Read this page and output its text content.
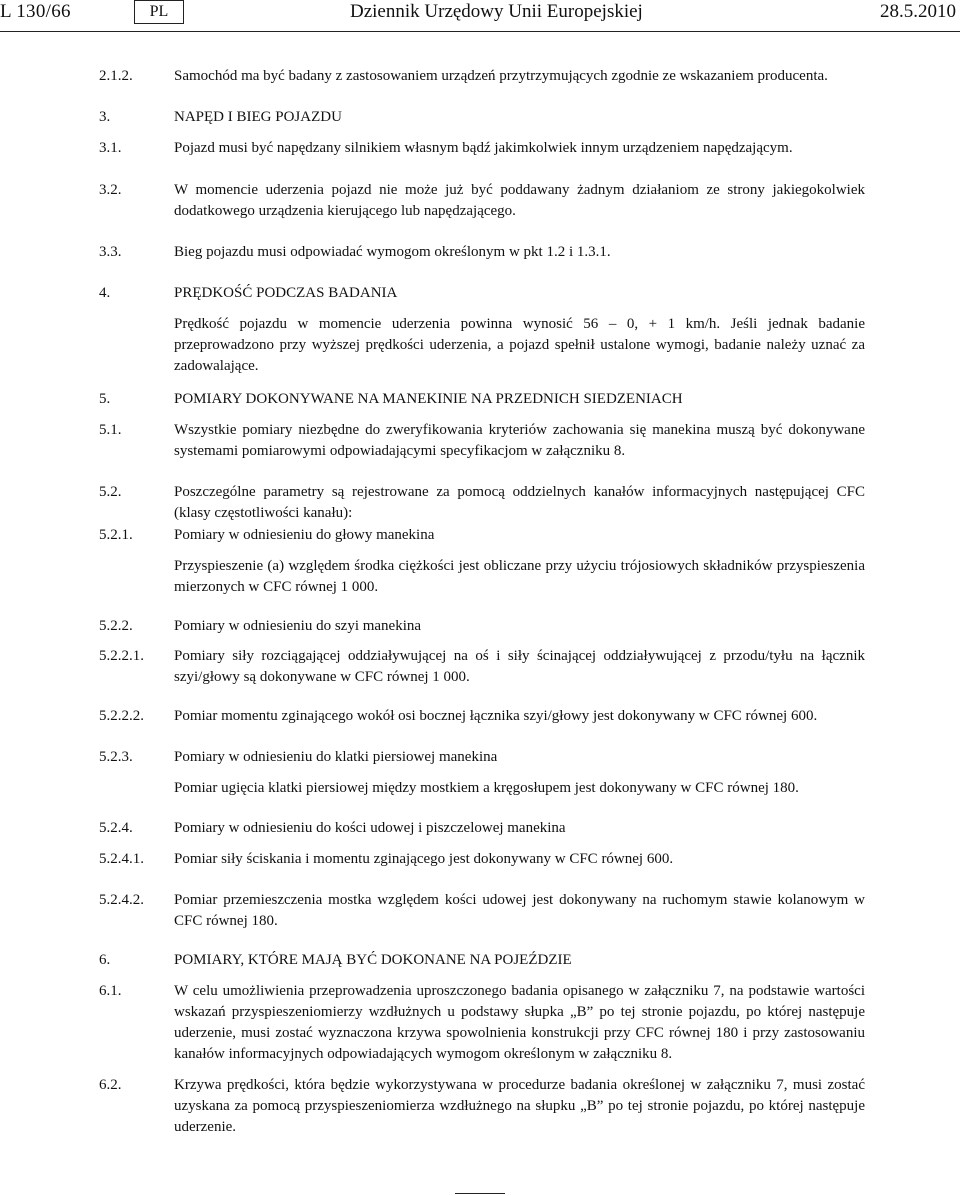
L 130/66	PL	Dziennik Urzędowy Unii Europejskiej	28.5.2010
2.1.2.	Samochód ma być badany z zastosowaniem urządzeń przytrzymujących zgodnie ze wskazaniem producenta.
3.	NAPĘD I BIEG POJAZDU
3.1.	Pojazd musi być napędzany silnikiem własnym bądź jakimkolwiek innym urządzeniem napędzającym.
3.2.	W momencie uderzenia pojazd nie może już być poddawany żadnym działaniom ze strony jakiegokolwiek dodatkowego urządzenia kierującego lub napędzającego.
3.3.	Bieg pojazdu musi odpowiadać wymogom określonym w pkt 1.2 i 1.3.1.
4.	PRĘDKOŚĆ PODCZAS BADANIA
Prędkość pojazdu w momencie uderzenia powinna wynosić 56 – 0, + 1 km/h. Jeśli jednak badanie przeprowadzono przy wyższej prędkości uderzenia, a pojazd spełnił ustalone wymogi, badanie należy uznać za zadowalające.
5.	POMIARY DOKONYWANE NA MANEKINIE NA PRZEDNICH SIEDZENIACH
5.1.	Wszystkie pomiary niezbędne do zweryfikowania kryteriów zachowania się manekina muszą być dokonywane systemami pomiarowymi odpowiadającymi specyfikacjom w załączniku 8.
5.2.	Poszczególne parametry są rejestrowane za pomocą oddzielnych kanałów informacyjnych następującej CFC (klasy częstotliwości kanału):
5.2.1.	Pomiary w odniesieniu do głowy manekina
Przyspieszenie (a) względem środka ciężkości jest obliczane przy użyciu trójosiowych składników przyspieszenia mierzonych w CFC równej 1 000.
5.2.2.	Pomiary w odniesieniu do szyi manekina
5.2.2.1. Pomiary siły rozciągającej oddziaływującej na oś i siły ścinającej oddziaływującej z przodu/tyłu na łącznik szyi/głowy są dokonywane w CFC równej 1 000.
5.2.2.2. Pomiar momentu zginającego wokół osi bocznej łącznika szyi/głowy jest dokonywany w CFC równej 600.
5.2.3.	Pomiary w odniesieniu do klatki piersiowej manekina
Pomiar ugięcia klatki piersiowej między mostkiem a kręgosłupem jest dokonywany w CFC równej 180.
5.2.4.	Pomiary w odniesieniu do kości udowej i piszczelowej manekina
5.2.4.1. Pomiar siły ściskania i momentu zginającego jest dokonywany w CFC równej 600.
5.2.4.2. Pomiar przemieszczenia mostka względem kości udowej jest dokonywany na ruchomym stawie kolanowym w CFC równej 180.
6.	POMIARY, KTÓRE MAJĄ BYĆ DOKONANE NA POJEŹDZIE
6.1.	W celu umożliwienia przeprowadzenia uproszczonego badania opisanego w załączniku 7, na podstawie wartości wskazań przyspieszeniomierzy wzdłużnych u podstawy słupka „B” po tej stronie pojazdu, po której następuje uderzenie, musi zostać wyznaczona krzywa spowolnienia konstrukcji przy CFC równej 180 i przy zastosowaniu kanałów informacyjnych odpowiadających wymogom określonym w załączniku 8.
6.2.	Krzywa prędkości, która będzie wykorzystywana w procedurze badania określonej w załączniku 7, musi zostać uzyskana za pomocą przyspieszeniomierza wzdłużnego na słupku „B” po tej stronie pojazdu, po której następuje uderzenie.
